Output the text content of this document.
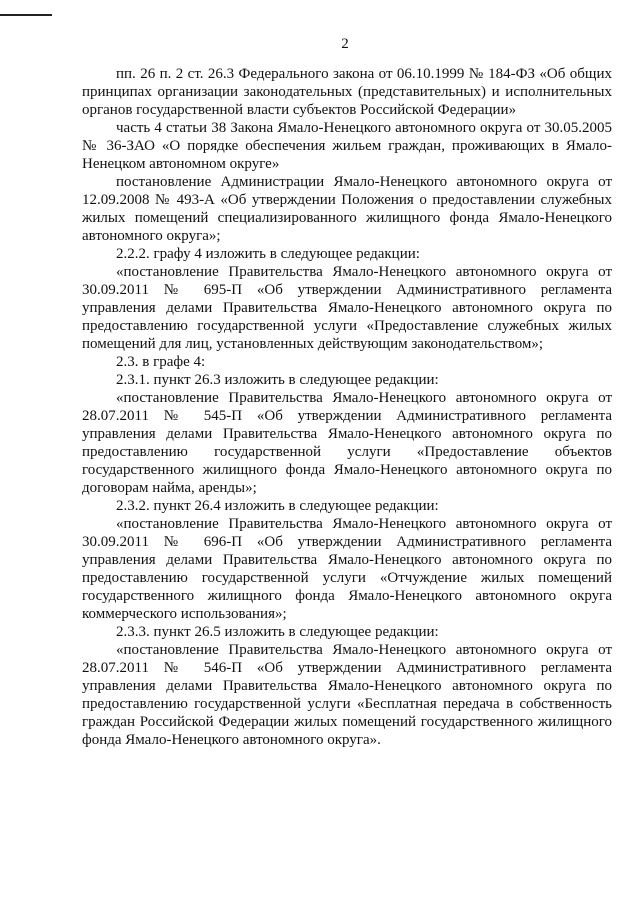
2

пп. 26 п. 2 ст. 26.3 Федерального закона от 06.10.1999 № 184-ФЗ «Об общих принципах организации законодательных (представительных) и исполнительных органов государственной власти субъектов Российской Федерации»

часть 4 статьи 38 Закона Ямало-Ненецкого автономного округа от 30.05.2005 № 36-ЗАО «О порядке обеспечения жильем граждан, проживающих в Ямало-Ненецком автономном округе»

постановление Администрации Ямало-Ненецкого автономного округа от 12.09.2008 № 493-А «Об утверждении Положения о предоставлении служебных жилых помещений специализированного жилищного фонда Ямало-Ненецкого автономного округа»;

2.2.2. графу 4 изложить в следующее редакции:

«постановление Правительства Ямало-Ненецкого автономного округа от 30.09.2011 № 695-П «Об утверждении Административного регламента управления делами Правительства Ямало-Ненецкого автономного округа по предоставлению государственной услуги «Предоставление служебных жилых помещений для лиц, установленных действующим законодательством»;

2.3. в графе 4:

2.3.1. пункт 26.3 изложить в следующее редакции:

«постановление Правительства Ямало-Ненецкого автономного округа от 28.07.2011 № 545-П «Об утверждении Административного регламента управления делами Правительства Ямало-Ненецкого автономного округа по предоставлению государственной услуги «Предоставление объектов государственного жилищного фонда Ямало-Ненецкого автономного округа по договорам найма, аренды»;

2.3.2. пункт 26.4 изложить в следующее редакции:

«постановление Правительства Ямало-Ненецкого автономного округа от 30.09.2011 № 696-П «Об утверждении Административного регламента управления делами Правительства Ямало-Ненецкого автономного округа по предоставлению государственной услуги «Отчуждение жилых помещений государственного жилищного фонда Ямало-Ненецкого автономного округа коммерческого использования»;

2.3.3. пункт 26.5 изложить в следующее редакции:

«постановление Правительства Ямало-Ненецкого автономного округа от 28.07.2011 № 546-П «Об утверждении Административного регламента управления делами Правительства Ямало-Ненецкого автономного округа по предоставлению государственной услуги «Бесплатная передача в собственность граждан Российской Федерации жилых помещений государственного жилищного фонда Ямало-Ненецкого автономного округа».
